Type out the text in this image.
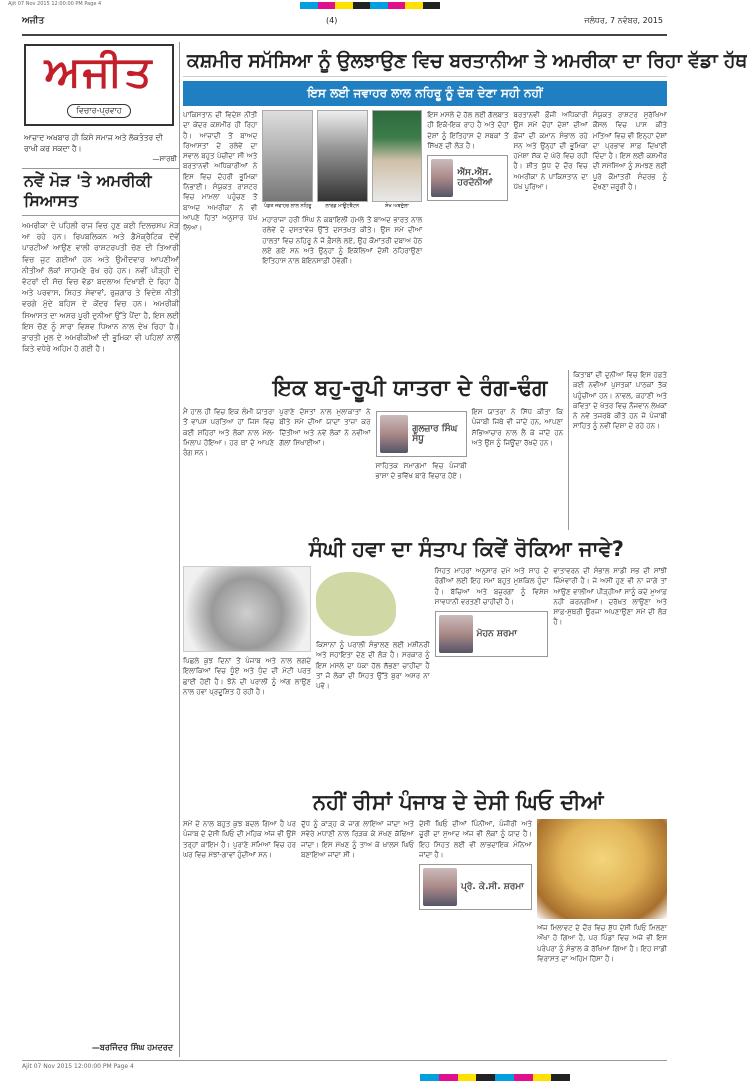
Ajit 07 Nov 2015 12:00:00 PM Page 4
ਅਜੀਤ	(4)	ਜਲੰਧਰ, 7 ਨਵੰਬਰ, 2015
ਅਜੀਤ
ਵਿਚਾਰ-ਪ੍ਰਵਾਹ
ਆਜ਼ਾਦ ਅਖ਼ਬਾਰ ਹੀ ਕਿਸੇ ਸਮਾਜ ਅਤੇ ਲੋਕਤੰਤਰ ਦੀ ਰਾਖੀ ਕਰ ਸਕਦਾ ਹੈ।
—ਸਾਰਥੀ
ਨਵੇਂ ਮੋੜ 'ਤੇ ਅਮਰੀਕੀ ਸਿਆਸਤ
ਅਮਰੀਕਾ ਦੇ ਪਹਿਲੀ ਰਾਜ ਵਿਚ ਹੁਣ ਕਈ ਦਿਲਚਸਪ ਮੋੜ ਆ ਰਹੇ ਹਨ। ਰਿਪਬਲਿਕਨ ਅਤੇ ਡੈਮੋਕ੍ਰੈਟਿਕ ਦੋਵੇਂ ਪਾਰਟੀਆਂ ਆਉਣ ਵਾਲੀ ਰਾਸ਼ਟਰਪਤੀ ਚੋਣ ਦੀ ਤਿਆਰੀ ਵਿਚ ਜੁਟ ਗਈਆਂ ਹਨ ਅਤੇ ਉਮੀਦਵਾਰ ਆਪਣੀਆਂ ਨੀਤੀਆਂ ਲੋਕਾਂ ਸਾਹਮਣੇ ਰੱਖ ਰਹੇ ਹਨ। ਨਵੀਂ ਪੀੜ੍ਹੀ ਦੇ ਵੋਟਰਾਂ ਦੀ ਸੋਚ ਵਿਚ ਵੱਡਾ ਬਦਲਾਅ ਦਿਖਾਈ ਦੇ ਰਿਹਾ ਹੈ ਅਤੇ ਪਰਵਾਸ, ਸਿਹਤ ਸੇਵਾਵਾਂ, ਰੁਜ਼ਗਾਰ ਤੇ ਵਿਦੇਸ਼ ਨੀਤੀ ਵਰਗੇ ਮੁੱਦੇ ਬਹਿਸ ਦੇ ਕੇਂਦਰ ਵਿਚ ਹਨ। ਅਮਰੀਕੀ ਸਿਆਸਤ ਦਾ ਅਸਰ ਪੂਰੀ ਦੁਨੀਆ ਉੱਤੇ ਪੈਂਦਾ ਹੈ, ਇਸ ਲਈ ਇਸ ਚੋਣ ਨੂੰ ਸਾਰਾ ਵਿਸ਼ਵ ਧਿਆਨ ਨਾਲ ਦੇਖ ਰਿਹਾ ਹੈ। ਭਾਰਤੀ ਮੂਲ ਦੇ ਅਮਰੀਕੀਆਂ ਦੀ ਭੂਮਿਕਾ ਵੀ ਪਹਿਲਾਂ ਨਾਲੋਂ ਕਿਤੇ ਵਧੇਰੇ ਅਹਿਮ ਹੋ ਗਈ ਹੈ।
—ਬਰਜਿੰਦਰ ਸਿੰਘ ਹਮਦਰਦ
ਕਸ਼ਮੀਰ ਸਮੱਸਿਆ ਨੂੰ ਉਲਝਾਉਣ ਵਿਚ ਬਰਤਾਨੀਆ ਤੇ ਅਮਰੀਕਾ ਦਾ ਰਿਹਾ ਵੱਡਾ ਹੱਥ
ਇਸ ਲਈ ਜਵਾਹਰ ਲਾਲ ਨਹਿਰੂ ਨੂੰ ਦੋਸ਼ ਦੇਣਾ ਸਹੀ ਨਹੀਂ
ਪਾਕਿਸਤਾਨ ਦੀ ਵਿਦੇਸ਼ ਨੀਤੀ ਦਾ ਕੇਂਦਰ ਕਸ਼ਮੀਰ ਹੀ ਰਿਹਾ ਹੈ। ਆਜ਼ਾਦੀ ਤੋਂ ਬਾਅਦ ਰਿਆਸਤਾਂ ਦੇ ਰਲੇਵੇਂ ਦਾ ਸਵਾਲ ਬਹੁਤ ਪੇਚੀਦਾ ਸੀ ਅਤੇ ਬਰਤਾਨਵੀ ਅਧਿਕਾਰੀਆਂ ਨੇ ਇਸ ਵਿਚ ਦੋਹਰੀ ਭੂਮਿਕਾ ਨਿਭਾਈ। ਸੰਯੁਕਤ ਰਾਸ਼ਟਰ ਵਿਚ ਮਾਮਲਾ ਪਹੁੰਚਣ ਤੋਂ ਬਾਅਦ ਅਮਰੀਕਾ ਨੇ ਵੀ ਆਪਣੇ ਹਿਤਾਂ ਅਨੁਸਾਰ ਪੱਖ ਲਿਆ।
ਪੰਡਤ ਜਵਾਹਰ ਲਾਲ ਨਹਿਰੂ	ਲਾਰਡ ਮਾਊਂਟਬੈਟਨ	ਸ਼ੇਖ ਅਬਦੁੱਲਾ
ਮਹਾਰਾਜਾ ਹਰੀ ਸਿੰਘ ਨੇ ਕਬਾਇਲੀ ਹਮਲੇ ਤੋਂ ਬਾਅਦ ਭਾਰਤ ਨਾਲ ਰਲੇਵੇਂ ਦੇ ਦਸਤਾਵੇਜ਼ ਉੱਤੇ ਦਸਤਖ਼ਤ ਕੀਤੇ। ਉਸ ਸਮੇਂ ਦੀਆਂ ਹਾਲਤਾਂ ਵਿਚ ਨਹਿਰੂ ਨੇ ਜੋ ਫ਼ੈਸਲੇ ਲਏ, ਉਹ ਕੌਮਾਂਤਰੀ ਦਬਾਅ ਹੇਠ ਲਏ ਗਏ ਸਨ ਅਤੇ ਉਨ੍ਹਾਂ ਨੂੰ ਇਕੱਲਿਆਂ ਦੋਸ਼ੀ ਠਹਿਰਾਉਣਾ ਇਤਿਹਾਸ ਨਾਲ ਬੇਇਨਸਾਫ਼ੀ ਹੋਵੇਗੀ।
ਇਸ ਮਸਲੇ ਦੇ ਹੱਲ ਲਈ ਗੱਲਬਾਤ ਹੀ ਇਕੋ-ਇਕ ਰਾਹ ਹੈ ਅਤੇ ਦੋਹਾਂ ਦੇਸ਼ਾਂ ਨੂੰ ਇਤਿਹਾਸ ਦੇ ਸਬਕਾਂ ਤੋਂ ਸਿੱਖਣ ਦੀ ਲੋੜ ਹੈ।
ਐੱਸ.ਐੱਸ. ਹਰਦੋਨੀਆਂ
ਬਰਤਾਨਵੀ ਫ਼ੌਜੀ ਅਧਿਕਾਰੀ ਉਸ ਸਮੇਂ ਦੋਹਾਂ ਦੇਸ਼ਾਂ ਦੀਆਂ ਫ਼ੌਜਾਂ ਦੀ ਕਮਾਨ ਸੰਭਾਲ ਰਹੇ ਸਨ ਅਤੇ ਉਨ੍ਹਾਂ ਦੀ ਭੂਮਿਕਾ ਹਮੇਸ਼ਾ ਸ਼ੱਕ ਦੇ ਘੇਰੇ ਵਿਚ ਰਹੀ ਹੈ। ਸ਼ੀਤ ਯੁੱਧ ਦੇ ਦੌਰ ਵਿਚ ਅਮਰੀਕਾ ਨੇ ਪਾਕਿਸਤਾਨ ਦਾ ਪੱਖ ਪੂਰਿਆ।
ਸੰਯੁਕਤ ਰਾਸ਼ਟਰ ਸੁਰੱਖਿਆ ਕੌਂਸਲ ਵਿਚ ਪਾਸ ਕੀਤੇ ਮਤਿਆਂ ਵਿਚ ਵੀ ਇਨ੍ਹਾਂ ਦੇਸ਼ਾਂ ਦਾ ਪ੍ਰਭਾਵ ਸਾਫ਼ ਦਿਖਾਈ ਦਿੰਦਾ ਹੈ। ਇਸ ਲਈ ਕਸ਼ਮੀਰ ਦੀ ਸਮੱਸਿਆ ਨੂੰ ਸਮਝਣ ਲਈ ਪੂਰੇ ਕੌਮਾਂਤਰੀ ਸੰਦਰਭ ਨੂੰ ਦੇਖਣਾ ਜ਼ਰੂਰੀ ਹੈ।
ਇਕ ਬਹੁ-ਰੂਪੀ ਯਾਤਰਾ ਦੇ ਰੰਗ-ਢੰਗ
ਮੈਂ ਹਾਲ ਹੀ ਵਿਚ ਇਕ ਲੰਮੀ ਯਾਤਰਾ ਤੋਂ ਵਾਪਸ ਪਰਤਿਆ ਹਾਂ ਜਿਸ ਵਿਚ ਕਈ ਸ਼ਹਿਰਾਂ ਅਤੇ ਲੋਕਾਂ ਨਾਲ ਮੇਲ-ਮਿਲਾਪ ਹੋਇਆ। ਹਰ ਥਾਂ ਦੇ ਆਪਣੇ ਰੰਗ ਸਨ।
ਪੁਰਾਣੇ ਦੋਸਤਾਂ ਨਾਲ ਮੁਲਾਕਾਤਾਂ ਨੇ ਬੀਤੇ ਸਮੇਂ ਦੀਆਂ ਯਾਦਾਂ ਤਾਜ਼ਾ ਕਰ ਦਿੱਤੀਆਂ ਅਤੇ ਨਵੇਂ ਲੋਕਾਂ ਨੇ ਨਵੀਆਂ ਗੱਲਾਂ ਸਿਖਾਈਆਂ।
ਗੁਲਜ਼ਾਰ ਸਿੰਘ ਸੰਧੂ
ਸਾਹਿਤਕ ਸਮਾਗਮਾਂ ਵਿਚ ਪੰਜਾਬੀ ਭਾਸ਼ਾ ਦੇ ਭਵਿੱਖ ਬਾਰੇ ਵਿਚਾਰ ਹੋਏ।
ਇਸ ਯਾਤਰਾ ਨੇ ਸਿੱਧ ਕੀਤਾ ਕਿ ਪੰਜਾਬੀ ਜਿਥੇ ਵੀ ਜਾਂਦੇ ਹਨ, ਆਪਣਾ ਸੱਭਿਆਚਾਰ ਨਾਲ ਲੈ ਕੇ ਜਾਂਦੇ ਹਨ ਅਤੇ ਉਸ ਨੂੰ ਜਿਊਂਦਾ ਰੱਖਦੇ ਹਨ।
ਕਿਤਾਬਾਂ ਦੀ ਦੁਨੀਆ ਵਿਚ ਇਸ ਹਫ਼ਤੇ ਕਈ ਨਵੀਆਂ ਪੁਸਤਕਾਂ ਪਾਠਕਾਂ ਤੱਕ ਪਹੁੰਚੀਆਂ ਹਨ। ਨਾਵਲ, ਕਹਾਣੀ ਅਤੇ ਕਵਿਤਾ ਦੇ ਖੇਤਰ ਵਿਚ ਨੌਜਵਾਨ ਲੇਖਕਾਂ ਨੇ ਨਵੇਂ ਤਜਰਬੇ ਕੀਤੇ ਹਨ ਜੋ ਪੰਜਾਬੀ ਸਾਹਿਤ ਨੂੰ ਨਵੀਂ ਦਿਸ਼ਾ ਦੇ ਰਹੇ ਹਨ।
ਸੰਘੀ ਹਵਾ ਦਾ ਸੰਤਾਪ ਕਿਵੇਂ ਰੋਕਿਆ ਜਾਵੇ?
ਪਿਛਲੇ ਕੁਝ ਦਿਨਾਂ ਤੋਂ ਪੰਜਾਬ ਅਤੇ ਨਾਲ ਲਗਦੇ ਇਲਾਕਿਆਂ ਵਿਚ ਧੂੰਏਂ ਅਤੇ ਧੁੰਦ ਦੀ ਮੋਟੀ ਪਰਤ ਛਾਈ ਹੋਈ ਹੈ। ਝੋਨੇ ਦੀ ਪਰਾਲੀ ਨੂੰ ਅੱਗ ਲਾਉਣ ਨਾਲ ਹਵਾ ਪ੍ਰਦੂਸ਼ਿਤ ਹੋ ਰਹੀ ਹੈ।
ਕਿਸਾਨਾਂ ਨੂੰ ਪਰਾਲੀ ਸੰਭਾਲਣ ਲਈ ਮਸ਼ੀਨਰੀ ਅਤੇ ਸਹਾਇਤਾ ਦੇਣ ਦੀ ਲੋੜ ਹੈ। ਸਰਕਾਰ ਨੂੰ ਇਸ ਮਸਲੇ ਦਾ ਪੱਕਾ ਹੱਲ ਲੱਭਣਾ ਚਾਹੀਦਾ ਹੈ ਤਾਂ ਜੋ ਲੋਕਾਂ ਦੀ ਸਿਹਤ ਉੱਤੇ ਬੁਰਾ ਅਸਰ ਨਾ ਪਵੇ।
ਸਿਹਤ ਮਾਹਰਾਂ ਅਨੁਸਾਰ ਦਮੇ ਅਤੇ ਸਾਹ ਦੇ ਰੋਗੀਆਂ ਲਈ ਇਹ ਸਮਾਂ ਬਹੁਤ ਮੁਸ਼ਕਿਲ ਹੁੰਦਾ ਹੈ। ਬੱਚਿਆਂ ਅਤੇ ਬਜ਼ੁਰਗਾਂ ਨੂੰ ਵਿਸ਼ੇਸ਼ ਸਾਵਧਾਨੀ ਵਰਤਣੀ ਚਾਹੀਦੀ ਹੈ।
ਮੋਹਨ ਸ਼ਰਮਾ
ਵਾਤਾਵਰਨ ਦੀ ਸੰਭਾਲ ਸਾਡੀ ਸਭ ਦੀ ਸਾਂਝੀ ਜ਼ਿੰਮੇਵਾਰੀ ਹੈ। ਜੇ ਅਸੀਂ ਹੁਣ ਵੀ ਨਾ ਜਾਗੇ ਤਾਂ ਆਉਣ ਵਾਲੀਆਂ ਪੀੜ੍ਹੀਆਂ ਸਾਨੂੰ ਕਦੇ ਮੁਆਫ਼ ਨਹੀਂ ਕਰਨਗੀਆਂ। ਦਰੱਖ਼ਤ ਲਾਉਣਾ ਅਤੇ ਸਾਫ਼-ਸੁਥਰੀ ਊਰਜਾ ਅਪਣਾਉਣਾ ਸਮੇਂ ਦੀ ਲੋੜ ਹੈ।
ਨਹੀਂ ਰੀਸਾਂ ਪੰਜਾਬ ਦੇ ਦੇਸੀ ਘਿਓ ਦੀਆਂ
ਸਮੇਂ ਦੇ ਨਾਲ ਬਹੁਤ ਕੁਝ ਬਦਲ ਗਿਆ ਹੈ ਪਰ ਪੰਜਾਬ ਦੇ ਦੇਸੀ ਘਿਓ ਦੀ ਮਹਿਕ ਅੱਜ ਵੀ ਉਸੇ ਤਰ੍ਹਾਂ ਕਾਇਮ ਹੈ। ਪੁਰਾਣੇ ਸਮਿਆਂ ਵਿਚ ਹਰ ਘਰ ਵਿਚ ਮੱਝਾਂ-ਗਾਵਾਂ ਹੁੰਦੀਆਂ ਸਨ।
ਦੁੱਧ ਨੂੰ ਕਾੜ੍ਹ ਕੇ ਜਾਗ ਲਾਇਆ ਜਾਂਦਾ ਅਤੇ ਸਵੇਰੇ ਮਧਾਣੀ ਨਾਲ ਰਿੜਕ ਕੇ ਮੱਖਣ ਕੱਢਿਆ ਜਾਂਦਾ। ਇਸ ਮੱਖਣ ਨੂੰ ਤਾਅ ਕੇ ਖ਼ਾਲਸ ਘਿਓ ਬਣਾਇਆ ਜਾਂਦਾ ਸੀ।
ਦੇਸੀ ਘਿਓ ਦੀਆਂ ਪਿੰਨੀਆਂ, ਪੰਜੀਰੀ ਅਤੇ ਚੂਰੀ ਦਾ ਸੁਆਦ ਅੱਜ ਵੀ ਲੋਕਾਂ ਨੂੰ ਯਾਦ ਹੈ। ਇਹ ਸਿਹਤ ਲਈ ਵੀ ਲਾਭਦਾਇਕ ਮੰਨਿਆ ਜਾਂਦਾ ਹੈ।
ਪ੍ਰੋ. ਕੇ.ਸੀ. ਸ਼ਰਮਾ
ਅੱਜ ਮਿਲਾਵਟ ਦੇ ਦੌਰ ਵਿਚ ਸ਼ੁੱਧ ਦੇਸੀ ਘਿਓ ਮਿਲਣਾ ਔਖਾ ਹੋ ਗਿਆ ਹੈ, ਪਰ ਪਿੰਡਾਂ ਵਿਚ ਅਜੇ ਵੀ ਇਸ ਪਰੰਪਰਾ ਨੂੰ ਸੰਭਾਲ ਕੇ ਰੱਖਿਆ ਗਿਆ ਹੈ। ਇਹ ਸਾਡੀ ਵਿਰਾਸਤ ਦਾ ਅਹਿਮ ਹਿੱਸਾ ਹੈ।
Ajit 07 Nov 2015 12:00:00 PM Page 4
